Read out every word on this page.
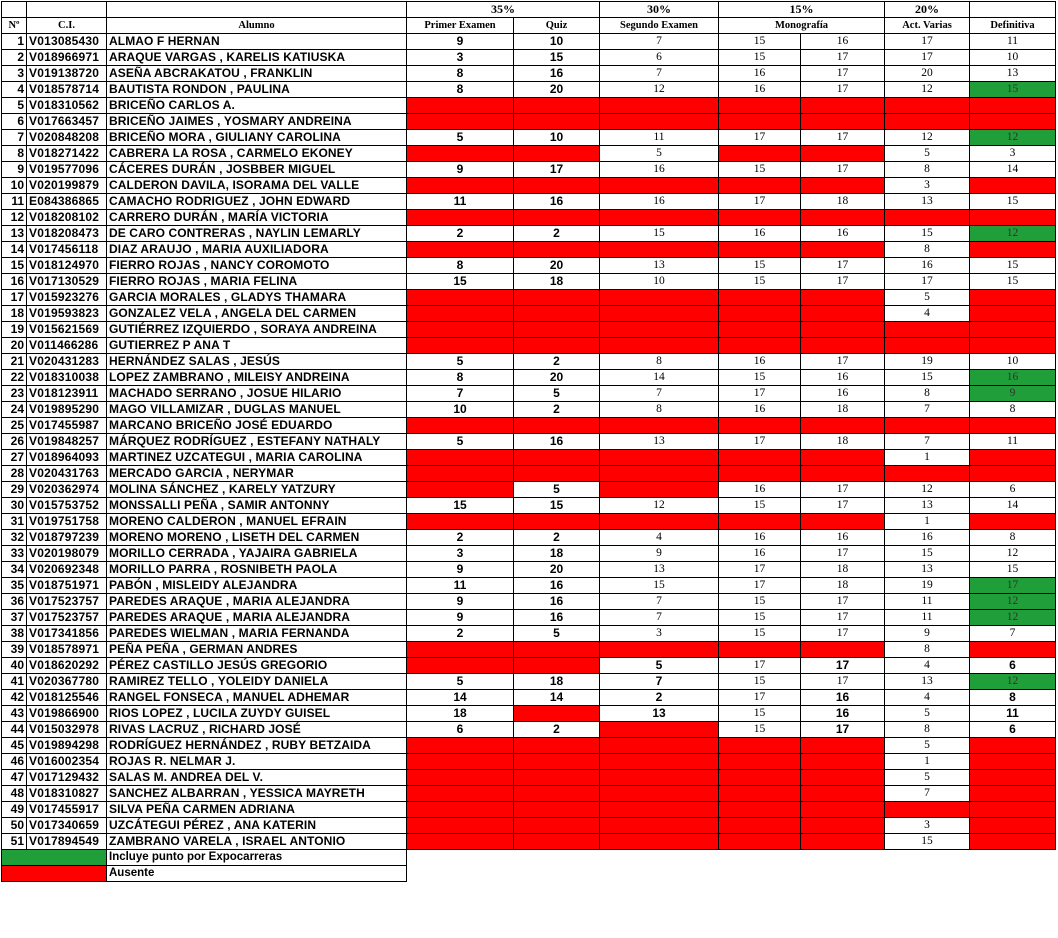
			35%		30%	15%		20%	
Nº	C.I.	Alumno	Primer Examen	Quiz	Segundo Examen	Monografía		Act. Varias	Definitiva
1	V013085430	ALMAO F HERNAN	9	10	7	15	16	17	11
2	V018966971	ARAQUE VARGAS , KARELIS KATIUSKA	3	15	6	15	17	17	10
3	V019138720	ASEÑA ABCRAKATOU , FRANKLIN	8	16	7	16	17	20	13
4	V018578714	BAUTISTA RONDON , PAULINA	8	20	12	16	17	12	15
5	V018310562	BRICEÑO CARLOS A.							
6	V017663457	BRICEÑO JAIMES , YOSMARY ANDREINA							
7	V020848208	BRICEÑO MORA , GIULIANY CAROLINA	5	10	11	17	17	12	12
8	V018271422	CABRERA LA ROSA , CARMELO EKONEY			5			5	3
9	V019577096	CÁCERES DURÁN , JOSBBER MIGUEL	9	17	16	15	17	8	14
10	V020199879	CALDERON DAVILA, ISORAMA DEL VALLE						3	
11	E084386865	CAMACHO RODRIGUEZ , JOHN EDWARD	11	16	16	17	18	13	15
12	V018208102	CARRERO DURÁN , MARÍA VICTORIA							
13	V018208473	DE CARO CONTRERAS , NAYLIN LEMARLY	2	2	15	16	16	15	12
14	V017456118	DIAZ ARAUJO , MARIA AUXILIADORA						8	
15	V018124970	FIERRO ROJAS , NANCY COROMOTO	8	20	13	15	17	16	15
16	V017130529	FIERRO ROJAS , MARIA FELINA	15	18	10	15	17	17	15
17	V015923276	GARCIA MORALES , GLADYS THAMARA						5	
18	V019593823	GONZALEZ VELA , ANGELA DEL CARMEN						4	
19	V015621569	GUTIÉRREZ IZQUIERDO , SORAYA ANDREINA							
20	V011466286	GUTIERREZ P ANA T							
21	V020431283	HERNÁNDEZ SALAS , JESÚS	5	2	8	16	17	19	10
22	V018310038	LOPEZ ZAMBRANO , MILEISY ANDREINA	8	20	14	15	16	15	16
23	V018123911	MACHADO SERRANO , JOSUE HILARIO	7	5	7	17	16	8	9
24	V019895290	MAGO VILLAMIZAR , DUGLAS MANUEL	10	2	8	16	18	7	8
25	V017455987	MARCANO BRICEÑO JOSÉ EDUARDO							
26	V019848257	MÁRQUEZ RODRÍGUEZ , ESTEFANY NATHALY	5	16	13	17	18	7	11
27	V018964093	MARTINEZ UZCATEGUI , MARIA CAROLINA						1	
28	V020431763	MERCADO GARCIA , NERYMAR							
29	V020362974	MOLINA SÁNCHEZ , KARELY YATZURY		5		16	17	12	6
30	V015753752	MONSSALLI PEÑA , SAMIR ANTONNY	15	15	12	15	17	13	14
31	V019751758	MORENO CALDERON , MANUEL EFRAIN						1	
32	V018797239	MORENO MORENO , LISETH DEL CARMEN	2	2	4	16	16	16	8
33	V020198079	MORILLO CERRADA , YAJAIRA GABRIELA	3	18	9	16	17	15	12
34	V020692348	MORILLO PARRA , ROSNIBETH PAOLA	9	20	13	17	18	13	15
35	V018751971	PABÓN , MISLEIDY ALEJANDRA	11	16	15	17	18	19	17
36	V017523757	PAREDES ARAQUE , MARIA ALEJANDRA	9	16	7	15	17	11	12
37	V017523757	PAREDES ARAQUE , MARIA ALEJANDRA	9	16	7	15	17	11	12
38	V017341856	PAREDES WIELMAN , MARIA FERNANDA	2	5	3	15	17	9	7
39	V018578971	PEÑA PEÑA , GERMAN ANDRES						8	
40	V018620292	PÉREZ CASTILLO JESÚS GREGORIO			5	17	17	4	6
41	V020367780	RAMIREZ TELLO , YOLEIDY DANIELA	5	18	7	15	17	13	12
42	V018125546	RANGEL FONSECA , MANUEL ADHEMAR	14	14	2	17	16	4	8
43	V019866900	RIOS LOPEZ , LUCILA ZUYDY GUISEL	18		13	15	16	5	11
44	V015032978	RIVAS LACRUZ , RICHARD JOSÉ	6	2		15	17	8	6
45	V019894298	RODRÍGUEZ HERNÁNDEZ , RUBY BETZAIDA						5	
46	V016002354	ROJAS R. NELMAR J.						1	
47	V017129432	SALAS M. ANDREA DEL V.						5	
48	V018310827	SANCHEZ ALBARRAN , YESSICA MAYRETH						7	
49	V017455917	SILVA PEÑA CARMEN ADRIANA							
50	V017340659	UZCÁTEGUI PÉREZ , ANA KATERIN						3	
51	V017894549	ZAMBRANO VARELA , ISRAEL ANTONIO						15	
		Incluye punto por Expocarreras							
		Ausente							
